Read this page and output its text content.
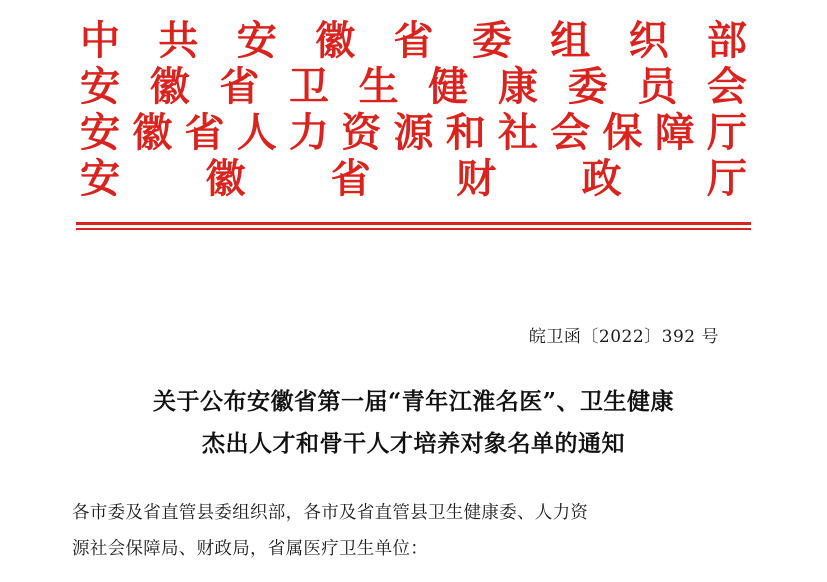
中 共 安 徽 省 委 组 织 部
安 徽 省 卫 生 健 康 委 员 会
安 徽 省 人 力 资 源 和 社 会 保 障 厅
安 徽 省 财 政 厅
皖卫函〔2022〕392 号
关于公布安徽省第一届“青年江淮名医”、卫生健康
杰出人才和骨干人才培养对象名单的通知
各市委及省直管县委组织部，各市及省直管县卫生健康委、人力资
源社会保障局、财政局，省属医疗卫生单位：
